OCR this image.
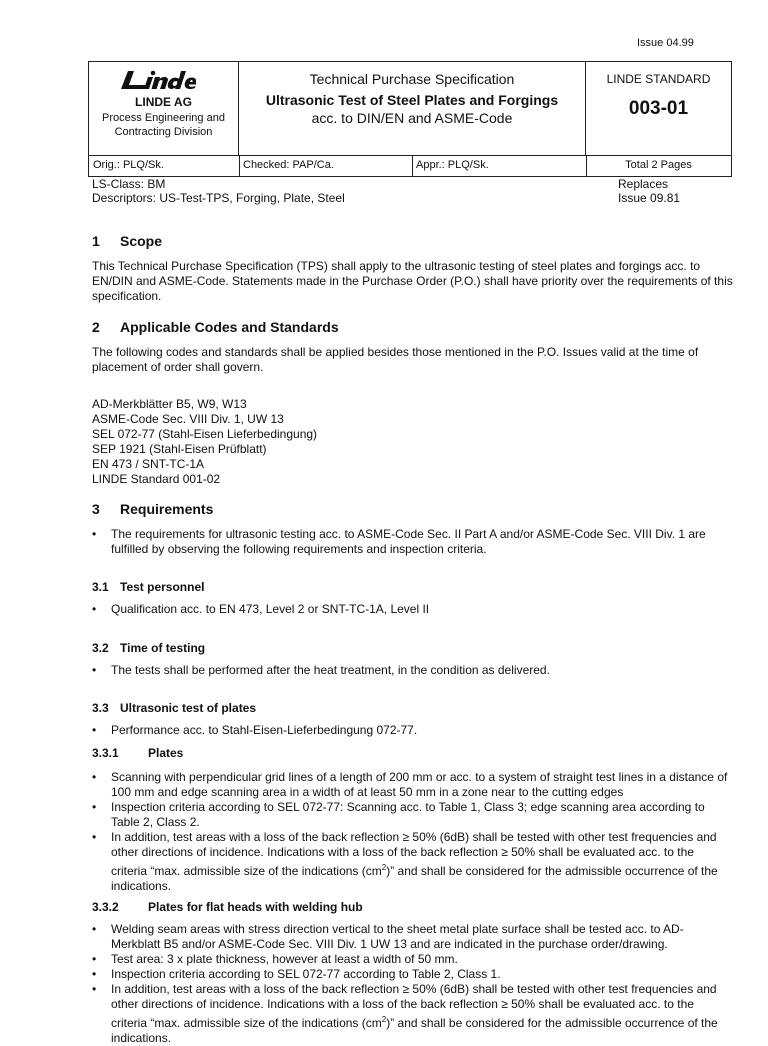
Issue 04.99
LINDE AG
Process Engineering and
Contracting Division
Technical Purchase Specification
Ultrasonic Test of Steel Plates and Forgings
acc. to DIN/EN and ASME-Code
LINDE STANDARD
003-01
Orig.: PLQ/Sk.	Checked: PAP/Ca.	Appr.: PLQ/Sk.	Total 2 Pages
LS-Class: BM
Descriptors: US-Test-TPS, Forging, Plate, Steel
Replaces
Issue 09.81
1 Scope

This Technical Purchase Specification (TPS) shall apply to the ultrasonic testing of steel plates and forgings acc. to EN/DIN and ASME-Code. Statements made in the Purchase Order (P.O.) shall have priority over the requirements of this specification.

2 Applicable Codes and Standards

The following codes and standards shall be applied besides those mentioned in the P.O. Issues valid at the time of placement of order shall govern.

AD-Merkblätter B5, W9, W13
ASME-Code Sec. VIII Div. 1, UW 13
SEL 072-77 (Stahl-Eisen Lieferbedingung)
SEP 1921 (Stahl-Eisen Prüfblatt)
EN 473 / SNT-TC-1A
LINDE Standard 001-02
3 Requirements
• The requirements for ultrasonic testing acc. to ASME-Code Sec. II Part A and/or ASME-Code Sec. VIII Div. 1 are fulfilled by observing the following requirements and inspection criteria.
3.1 Test personnel
• Qualification acc. to EN 473, Level 2 or SNT-TC-1A, Level II
3.2 Time of testing
• The tests shall be performed after the heat treatment, in the condition as delivered.
3.3 Ultrasonic test of plates
• Performance acc. to Stahl-Eisen-Lieferbedingung 072-77.
3.3.1 Plates
• Scanning with perpendicular grid lines of a length of 200 mm or acc. to a system of straight test lines in a distance of 100 mm and edge scanning area in a width of at least 50 mm in a zone near to the cutting edges
• Inspection criteria according to SEL 072-77: Scanning acc. to Table 1, Class 3; edge scanning area according to Table 2, Class 2.
• In addition, test areas with a loss of the back reflection ≥ 50% (6dB) shall be tested with other test frequencies and other directions of incidence. Indications with a loss of the back reflection ≥ 50% shall be evaluated acc. to the criteria “max. admissible size of the indications $(cm^2)$” and shall be considered for the admissible occurrence of the indications.
3.3.2 Plates for flat heads with welding hub
• Welding seam areas with stress direction vertical to the sheet metal plate surface shall be tested acc. to AD-Merkblatt B5 and/or ASME-Code Sec. VIII Div. 1 UW 13 and are indicated in the purchase order/drawing.
• Test area: 3 x plate thickness, however at least a width of 50 mm.
• Inspection criteria according to SEL 072-77 according to Table 2, Class 1.
• In addition, test areas with a loss of the back reflection ≥ 50% (6dB) shall be tested with other test frequencies and other directions of incidence. Indications with a loss of the back reflection ≥ 50% shall be evaluated acc. to the criteria “max. admissible size of the indications $(cm^2)$” and shall be considered for the admissible occurrence of the indications.
